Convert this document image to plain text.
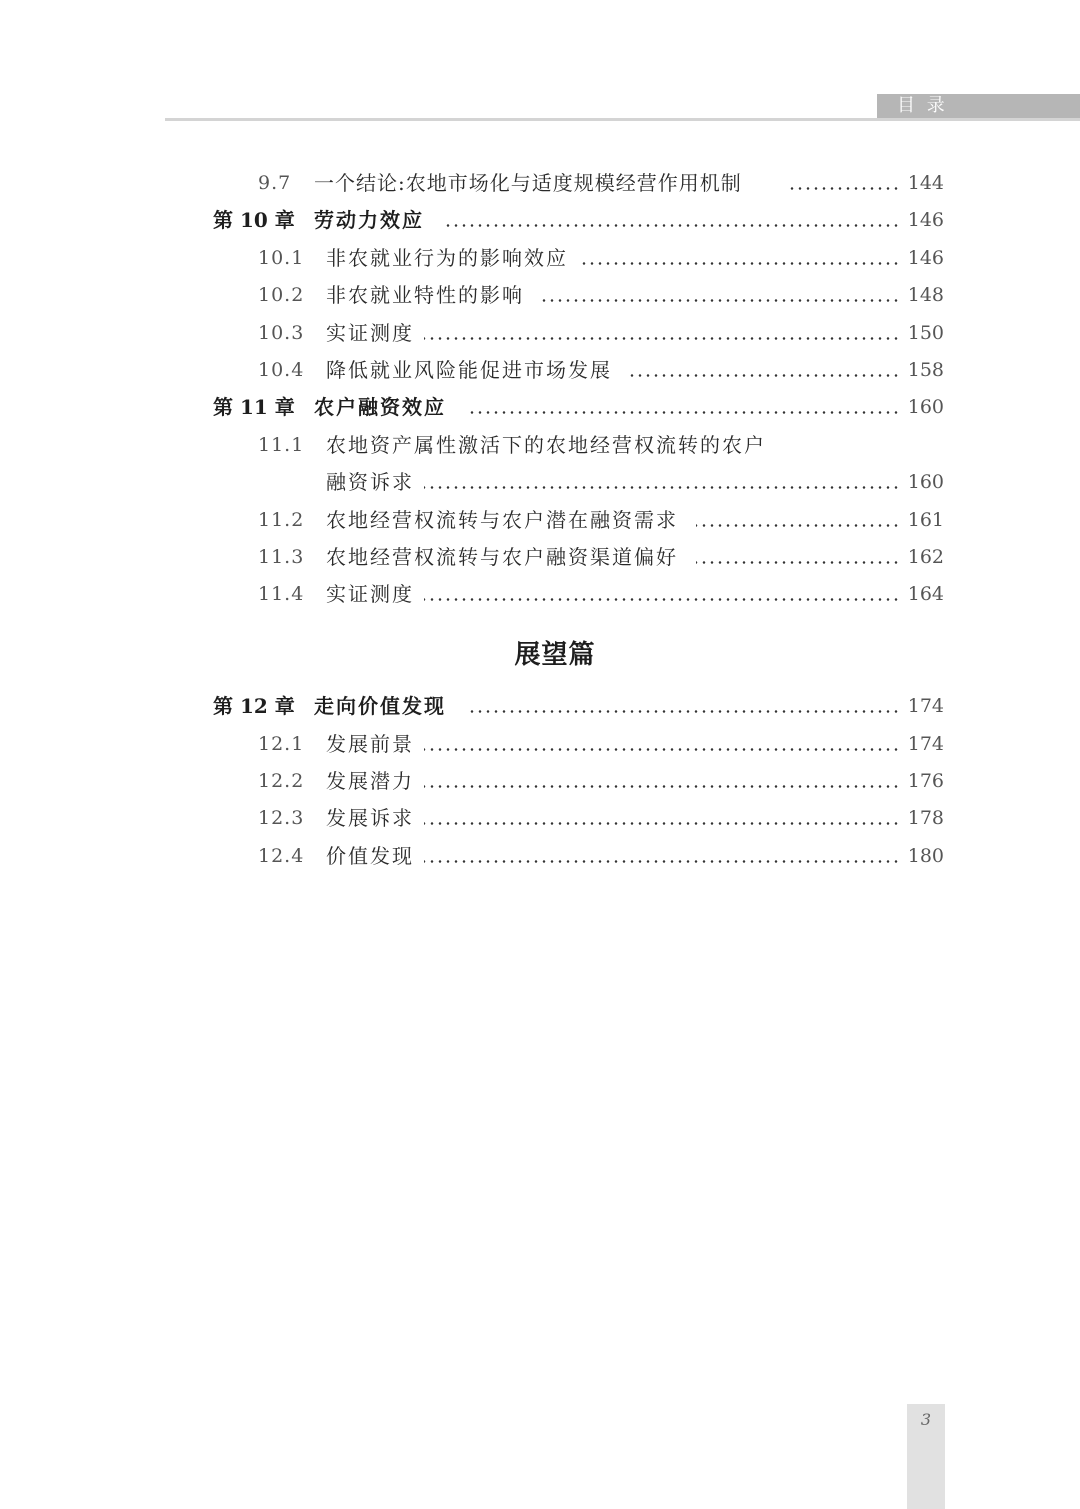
目 录
9.7 一个结论:农地市场化与适度规模经营作用机制	144
第 10 章 劳动力效应	146
10.1 非农就业行为的影响效应	146
10.2 非农就业特性的影响	148
10.3 实证测度	150
10.4 降低就业风险能促进市场发展	158
第 11 章 农户融资效应	160
11.1 农地资产属性激活下的农地经营权流转的农户
融资诉求	160
11.2 农地经营权流转与农户潜在融资需求	161
11.3 农地经营权流转与农户融资渠道偏好	162
11.4 实证测度	164
展望篇
第 12 章 走向价值发现	174
12.1 发展前景	174
12.2 发展潜力	176
12.3 发展诉求	178
12.4 价值发现	180
3
